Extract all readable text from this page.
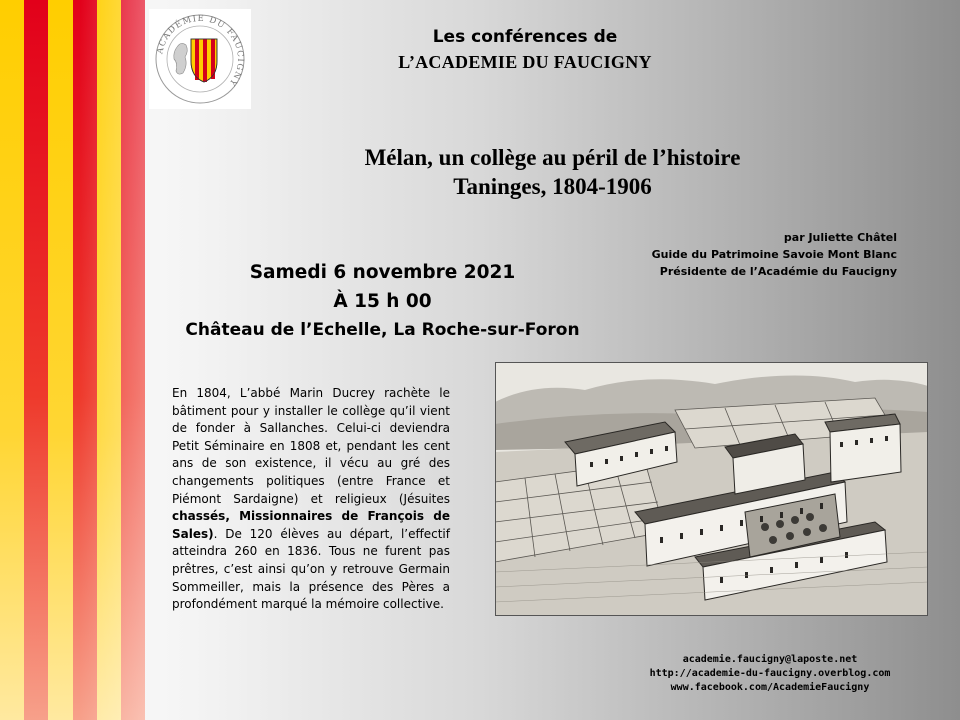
ACADÉMIE DU FAUCIGNY
Les conférences de
L’ACADEMIE DU FAUCIGNY
Mélan, un collège au péril de l’histoire
Taninges, 1804-1906
par Juliette Châtel
Guide du Patrimoine Savoie Mont Blanc
Présidente de l’Académie du Faucigny
Samedi 6 novembre 2021
À 15 h 00
Château de l’Echelle, La Roche-sur-Foron
En 1804, L’abbé Marin Ducrey rachète le bâtiment pour y installer le collège qu’il vient de fonder à Sallanches. Celui-ci deviendra Petit Séminaire en 1808 et, pendant les cent ans de son existence, il vécu au gré des changements politiques (entre France et Piémont Sardaigne) et religieux (Jésuites chassés, Missionnaires de François de Sales). De 120 élèves au départ, l’effectif atteindra 260 en 1836. Tous ne furent pas prêtres, c’est ainsi qu’on y retrouve Germain Sommeiller, mais la présence des Pères a profondément marqué la mémoire collective.
academie.faucigny@laposte.net
http://academie-du-faucigny.overblog.com
www.facebook.com/AcademieFaucigny
